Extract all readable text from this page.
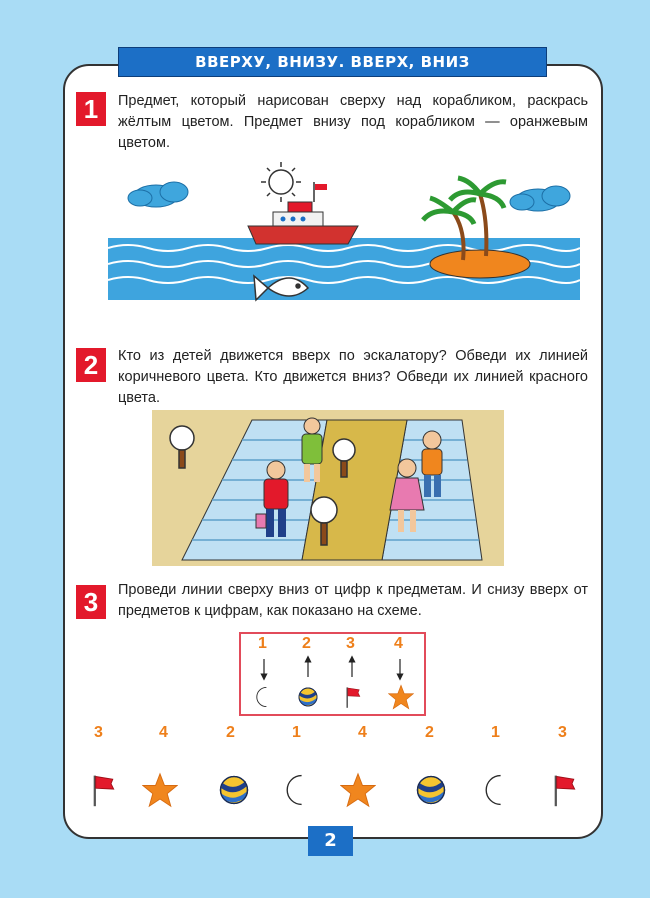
ВВЕРХУ, ВНИЗУ. ВВЕРХ, ВНИЗ
1	Предмет, который нарисован сверху над корабликом, раскрась жёлтым цветом. Предмет внизу под корабликом — оранжевым цветом.
2	Кто из детей движется вверх по эскалатору? Обведи их линией коричневого цвета. Кто движется вниз? Обведи их линией красного цвета.
3	Проведи линии сверху вниз от цифр к предметам. И снизу вверх от предметов к цифрам, как показано на схеме.
1 2 3 4
3	4	2	1	4	2	1	3
2
